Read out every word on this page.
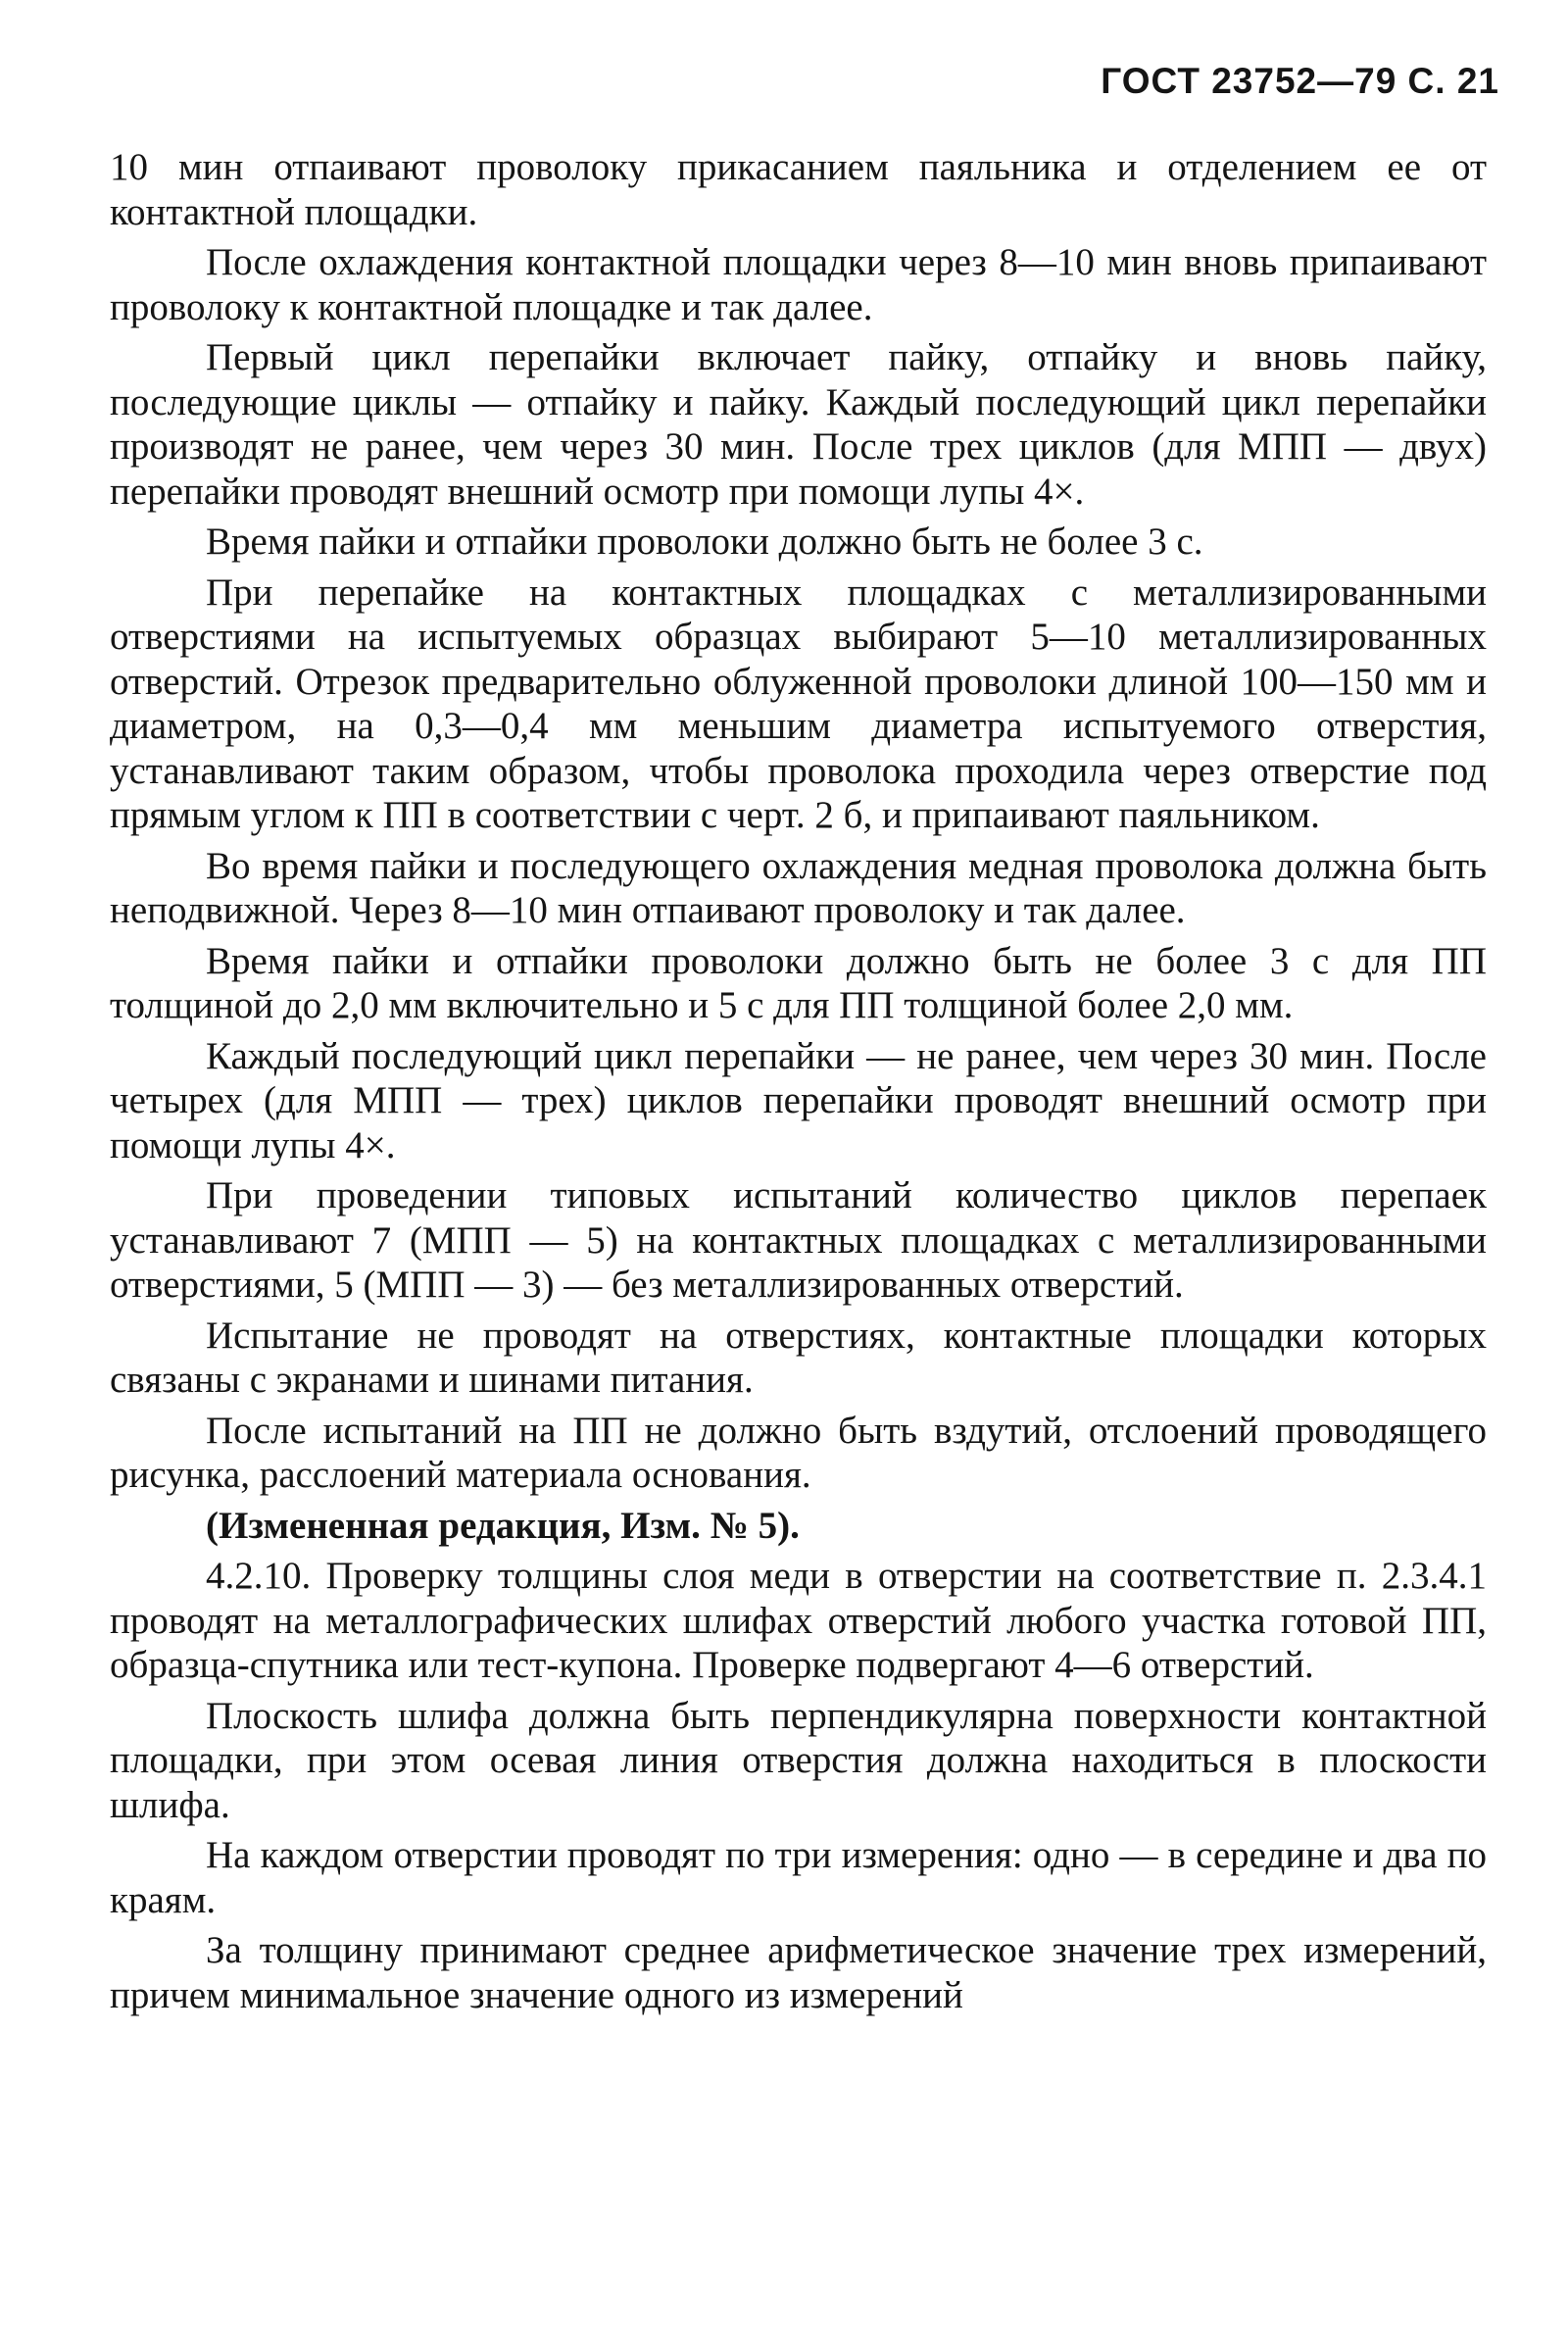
ГОСТ 23752—79 С. 21

10 мин отпаивают проволоку прикасанием паяльника и отделением ее от контактной площадки.

После охлаждения контактной площадки через 8—10 мин вновь припаивают проволоку к контактной площадке и так далее.

Первый цикл перепайки включает пайку, отпайку и вновь пайку, последующие циклы — отпайку и пайку. Каждый последующий цикл перепайки производят не ранее, чем через 30 мин. После трех циклов (для МПП — двух) перепайки проводят внешний осмотр при помощи лупы 4×.

Время пайки и отпайки проволоки должно быть не более 3 с.

При перепайке на контактных площадках с металлизированными отверстиями на испытуемых образцах выбирают 5—10 металлизированных отверстий. Отрезок предварительно облуженной проволоки длиной 100—150 мм и диаметром, на 0,3—0,4 мм меньшим диаметра испытуемого отверстия, устанавливают таким образом, чтобы проволока проходила через отверстие под прямым углом к ПП в соответствии с черт. 2 б, и припаивают паяльником.

Во время пайки и последующего охлаждения медная проволока должна быть неподвижной. Через 8—10 мин отпаивают проволоку и так далее.

Время пайки и отпайки проволоки должно быть не более 3 с для ПП толщиной до 2,0 мм включительно и 5 с для ПП толщиной более 2,0 мм.

Каждый последующий цикл перепайки — не ранее, чем через 30 мин. После четырех (для МПП — трех) циклов перепайки проводят внешний осмотр при помощи лупы 4×.

При проведении типовых испытаний количество циклов перепаек устанавливают 7 (МПП — 5) на контактных площадках с металлизированными отверстиями, 5 (МПП — 3) — без металлизированных отверстий.

Испытание не проводят на отверстиях, контактные площадки которых связаны с экранами и шинами питания.

После испытаний на ПП не должно быть вздутий, отслоений проводящего рисунка, расслоений материала основания.

(Измененная редакция, Изм. № 5).

4.2.10. Проверку толщины слоя меди в отверстии на соответствие п. 2.3.4.1 проводят на металлографических шлифах отверстий любого участка готовой ПП, образца-спутника или тест-купона. Проверке подвергают 4—6 отверстий.

Плоскость шлифа должна быть перпендикулярна поверхности контактной площадки, при этом осевая линия отверстия должна находиться в плоскости шлифа.

На каждом отверстии проводят по три измерения: одно — в середине и два по краям.

За толщину принимают среднее арифметическое значение трех измерений, причем минимальное значение одного из измерений
